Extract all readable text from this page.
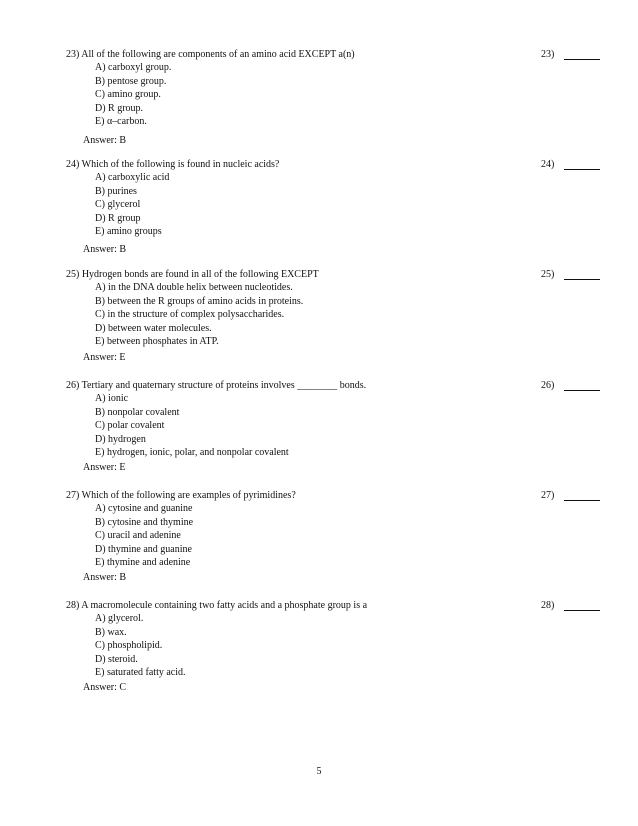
23) All of the following are components of an amino acid EXCEPT a(n)	23)
A) carboxyl group.
B) pentose group.
C) amino group.
D) R group.
E) α–carbon.
Answer: B
24) Which of the following is found in nucleic acids?	24)
A) carboxylic acid
B) purines
C) glycerol
D) R group
E) amino groups
Answer: B
25) Hydrogen bonds are found in all of the following EXCEPT	25)
A) in the DNA double helix between nucleotides.
B) between the R groups of amino acids in proteins.
C) in the structure of complex polysaccharides.
D) between water molecules.
E) between phosphates in ATP.
Answer: E
26) Tertiary and quaternary structure of proteins involves ________ bonds.	26)
A) ionic
B) nonpolar covalent
C) polar covalent
D) hydrogen
E) hydrogen, ionic, polar, and nonpolar covalent
Answer: E
27) Which of the following are examples of pyrimidines?	27)
A) cytosine and guanine
B) cytosine and thymine
C) uracil and adenine
D) thymine and guanine
E) thymine and adenine
Answer: B
28) A macromolecule containing two fatty acids and a phosphate group is a	28)
A) glycerol.
B) wax.
C) phospholipid.
D) steroid.
E) saturated fatty acid.
Answer: C
5
